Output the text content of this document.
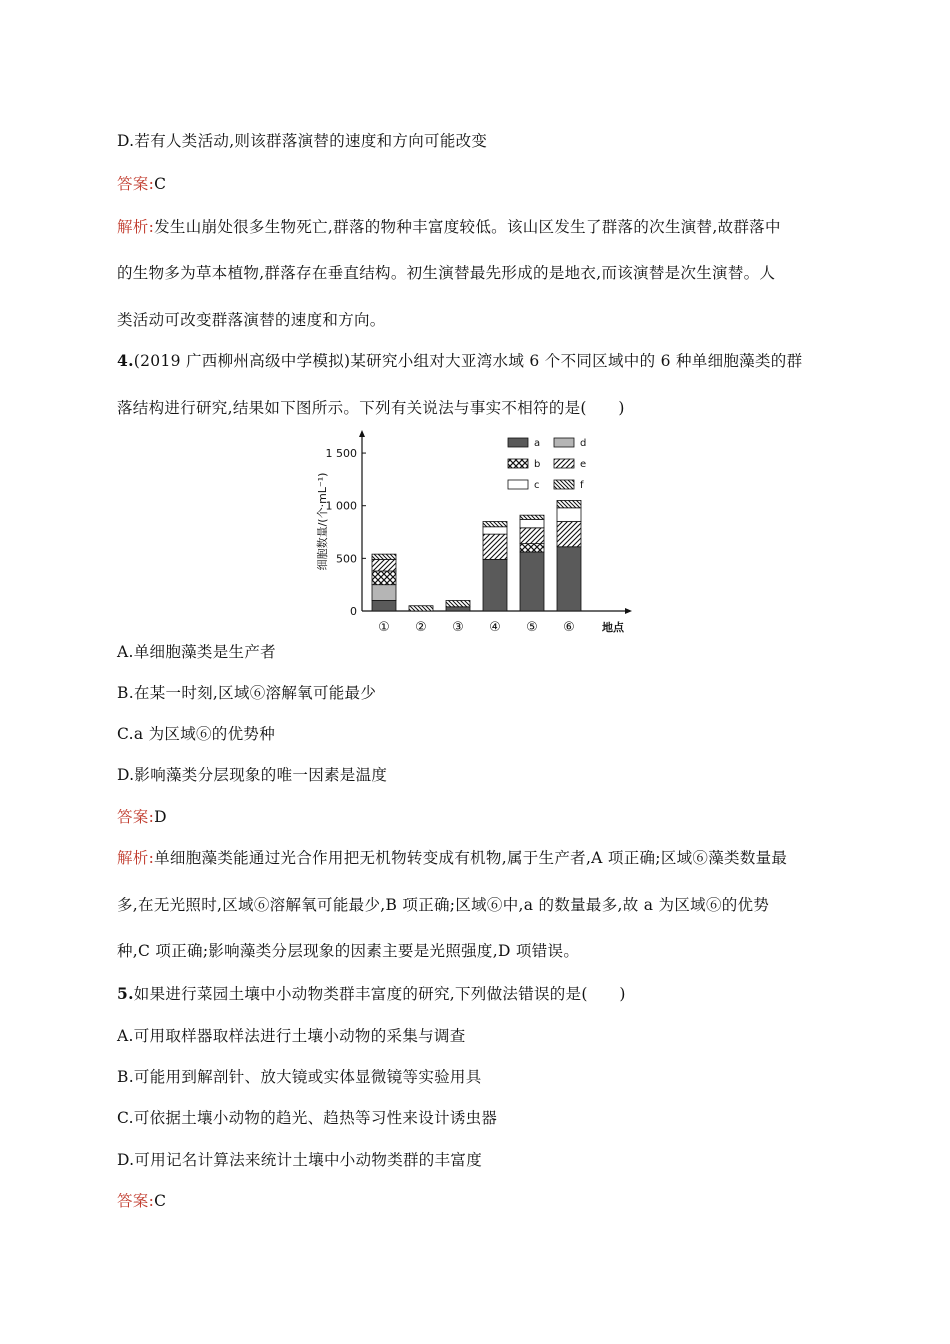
D.若有人类活动,则该群落演替的速度和方向可能改变
答案:C
解析:发生山崩处很多生物死亡,群落的物种丰富度较低。该山区发生了群落的次生演替,故群落中
的生物多为草本植物,群落存在垂直结构。初生演替最先形成的是地衣,而该演替是次生演替。人
类活动可改变群落演替的速度和方向。
4.(2019 广西柳州高级中学模拟)某研究小组对大亚湾水域 6 个不同区域中的 6 种单细胞藻类的群
落结构进行研究,结果如下图所示。下列有关说法与事实不相符的是(　　)
0
500
1 000
1 500
细胞数量/(个·mL⁻¹)
地点
① ② ③ ④ ⑤ ⑥
a	d
b	e
c	f
A.单细胞藻类是生产者
B.在某一时刻,区域⑥溶解氧可能最少
C.a 为区域⑥的优势种
D.影响藻类分层现象的唯一因素是温度
答案:D
解析:单细胞藻类能通过光合作用把无机物转变成有机物,属于生产者,A 项正确;区域⑥藻类数量最
多,在无光照时,区域⑥溶解氧可能最少,B 项正确;区域⑥中,a 的数量最多,故 a 为区域⑥的优势
种,C 项正确;影响藻类分层现象的因素主要是光照强度,D 项错误。
5.如果进行菜园土壤中小动物类群丰富度的研究,下列做法错误的是(　　)
A.可用取样器取样法进行土壤小动物的采集与调查
B.可能用到解剖针、放大镜或实体显微镜等实验用具
C.可依据土壤小动物的趋光、趋热等习性来设计诱虫器
D.可用记名计算法来统计土壤中小动物类群的丰富度
答案:C
